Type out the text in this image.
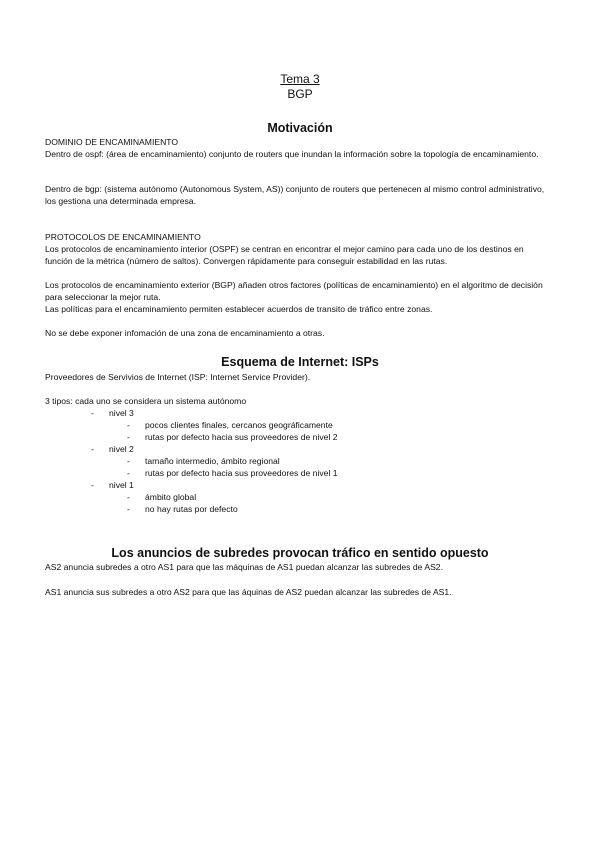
Tema 3
BGP
Motivación

DOMINIO DE ENCAMINAMIENTO

Dentro de ospf: (área de encaminamiento) conjunto de routers que inundan la información sobre la topología de encaminamiento.

Dentro de bgp: (sistema autónomo (Autonomous System, AS)) conjunto de routers que pertenecen al mismo control administrativo, los gestiona una determinada empresa.

PROTOCOLOS DE ENCAMINAMIENTO

Los protocolos de encaminamiento interior (OSPF) se centran en encontrar el mejor camino para cada uno de los destinos en función de la métrica (número de saltos). Convergen rápidamente para conseguir estabilidad en las rutas.

Los protocolos de encaminamiento exterior (BGP) añaden otros factores (políticas de encaminamiento) en el algoritmo de decisión para seleccionar la mejor ruta.

Las políticas para el encaminamiento permiten establecer acuerdos de transito de tráfico entre zonas.

No se debe exponer infomación de una zona de encaminamiento a otras.

Esquema de Internet: ISPs

Proveedores de Servivios de Internet (ISP: Internet Service Provider).

3 tipos: cada uno se considera un sistema autónomo

- nivel 3
- pocos clientes finales, cercanos geográficamente
- rutas por defecto hacia sus proveedores de nivel 2
- nivel 2
- tamaño intermedio, ámbito regional
- rutas por defecto hacia sus proveedores de nivel 1
- nivel 1
- ámbito global
- no hay rutas por defecto
Los anuncios de subredes provocan tráfico en sentido opuesto

AS2 anuncia subredes a otro AS1 para que las máquinas de AS1 puedan alcanzar las subredes de AS2.

AS1 anuncia sus subredes a otro AS2 para que las áquinas de AS2 puedan alcanzar las subredes de AS1.
